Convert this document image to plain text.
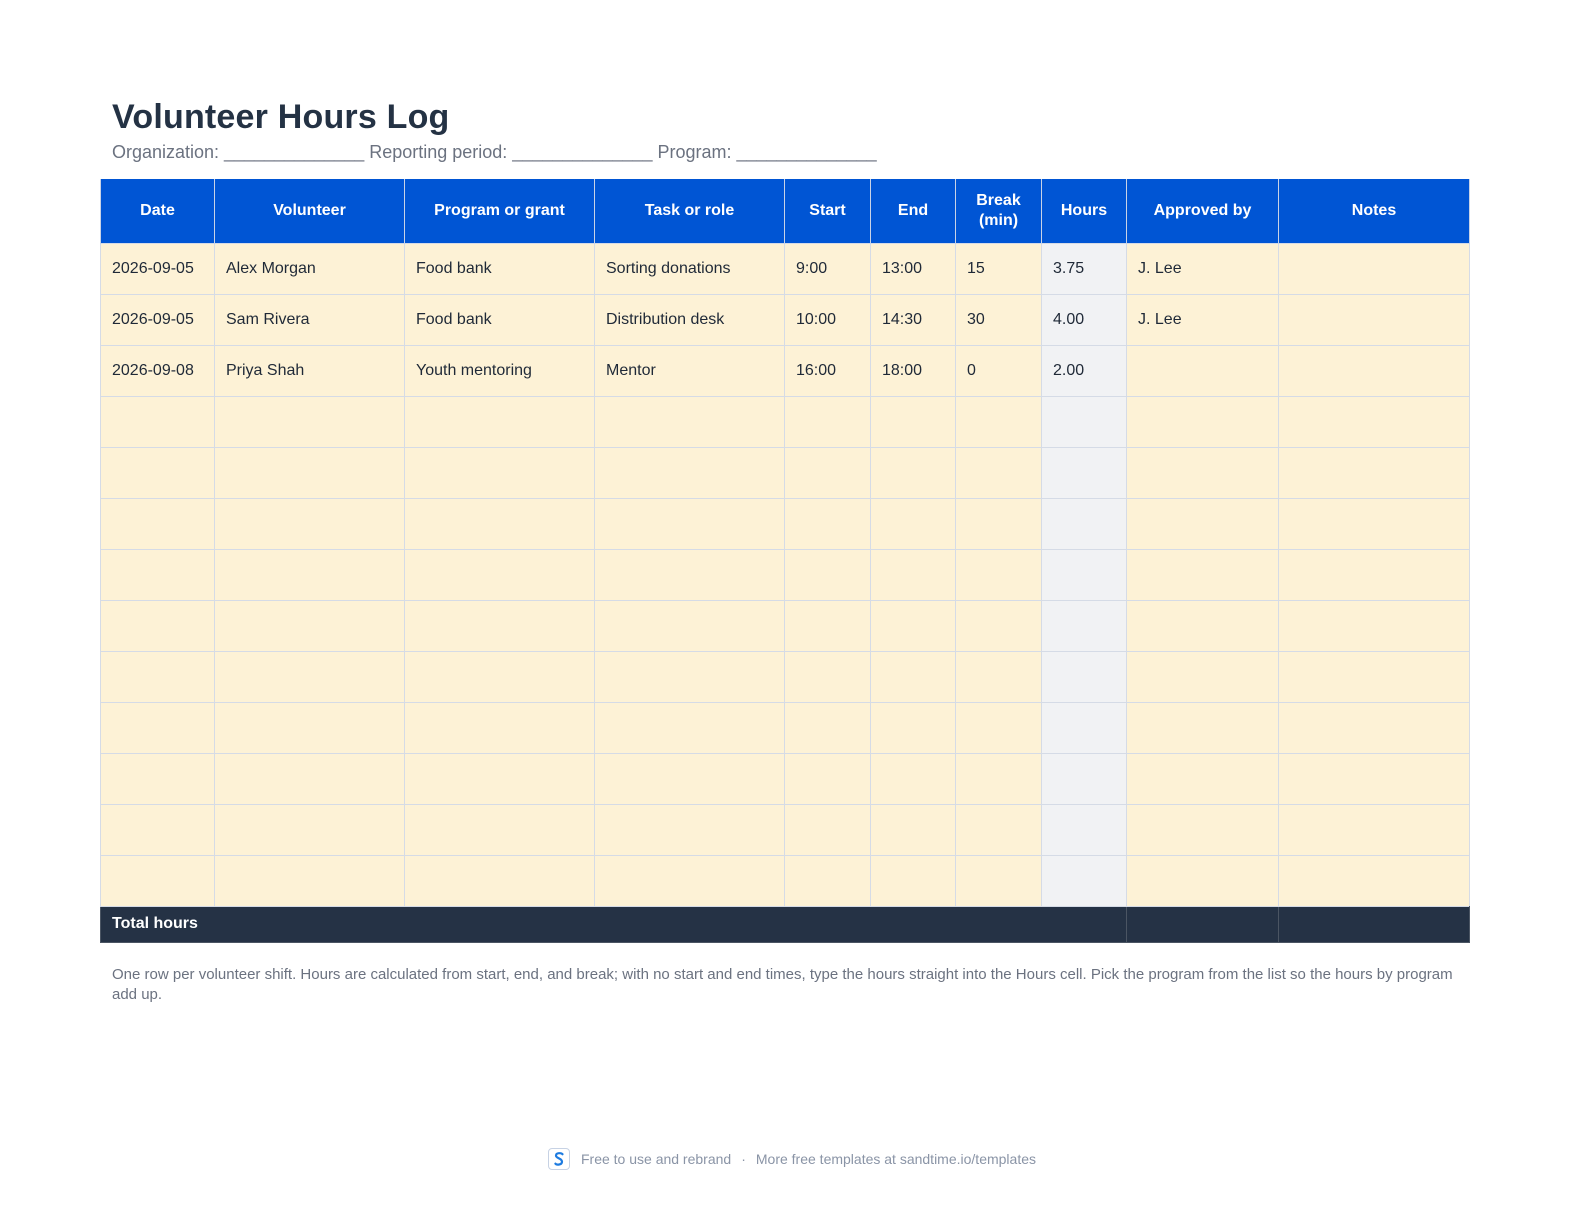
Volunteer Hours Log
Organization: ______________ Reporting period: ______________ Program: ______________
Date	Volunteer	Program or grant	Task or role	Start	End	Break (min)	Hours	Approved by	Notes	
2026-09-05	Alex Morgan	Food bank	Sorting donations	9:00	13:00	15	3.75	J. Lee		
2026-09-05	Sam Rivera	Food bank	Distribution desk	10:00	14:30	30	4.00	J. Lee		
2026-09-08	Priya Shah	Youth mentoring	Mentor	16:00	18:00	0	2.00			

Total hours										

One row per volunteer shift. Hours are calculated from start, end, and break; with no start and end times, type the hours straight into the Hours cell. Pick the program from the list so the hours by program add up.

Free to use and rebrand · More free templates at sandtime.io/templates
